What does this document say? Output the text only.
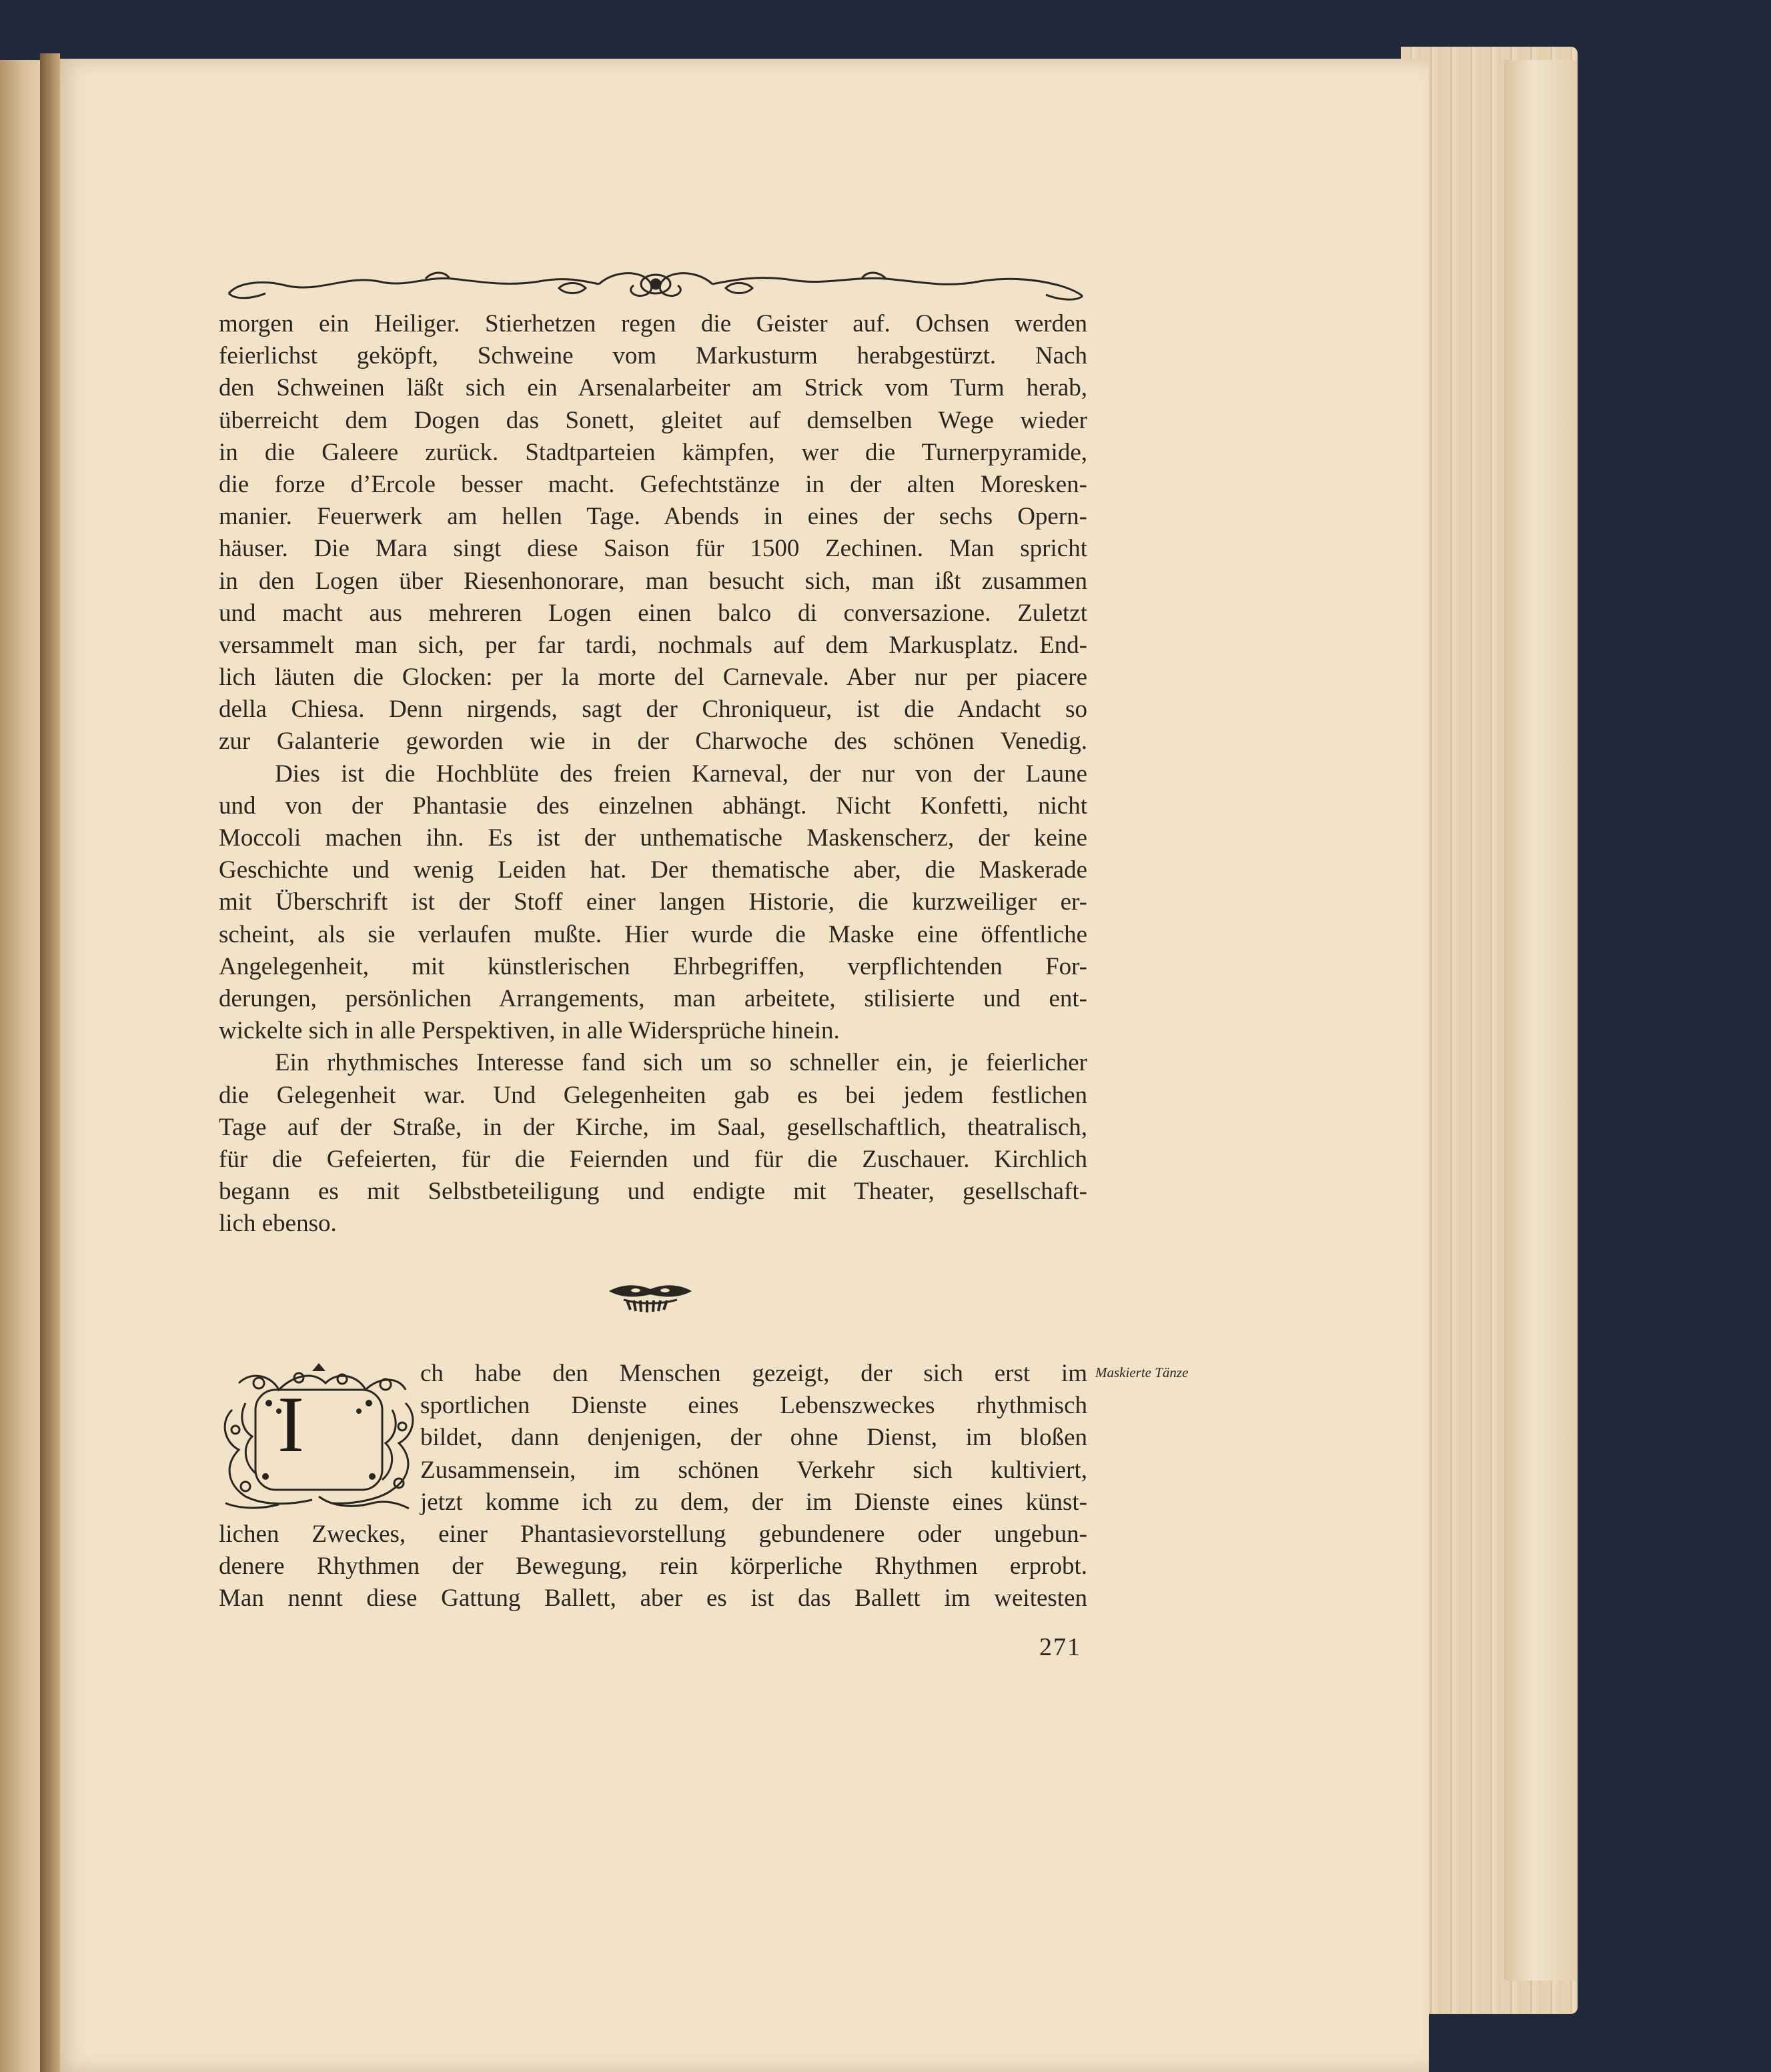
morgen ein Heiliger. Stierhetzen regen die Geister auf. Ochsen werden
feierlichst geköpft, Schweine vom Markusturm herabgestürzt. Nach
den Schweinen läßt sich ein Arsenalarbeiter am Strick vom Turm herab,
überreicht dem Dogen das Sonett, gleitet auf demselben Wege wieder
in die Galeere zurück. Stadtparteien kämpfen, wer die Turnerpyramide,
die forze d’Ercole besser macht. Gefechtstänze in der alten Moresken-
manier. Feuerwerk am hellen Tage. Abends in eines der sechs Opern-
häuser. Die Mara singt diese Saison für 1500 Zechinen. Man spricht
in den Logen über Riesenhonorare, man besucht sich, man ißt zusammen
und macht aus mehreren Logen einen balco di conversazione. Zuletzt
versammelt man sich, per far tardi, nochmals auf dem Markusplatz. End-
lich läuten die Glocken: per la morte del Carnevale. Aber nur per piacere
della Chiesa. Denn nirgends, sagt der Chroniqueur, ist die Andacht so
zur Galanterie geworden wie in der Charwoche des schönen Venedig.
Dies ist die Hochblüte des freien Karneval, der nur von der Laune
und von der Phantasie des einzelnen abhängt. Nicht Konfetti, nicht
Moccoli machen ihn. Es ist der unthematische Maskenscherz, der keine
Geschichte und wenig Leiden hat. Der thematische aber, die Maskerade
mit Überschrift ist der Stoff einer langen Historie, die kurzweiliger er-
scheint, als sie verlaufen mußte. Hier wurde die Maske eine öffentliche
Angelegenheit, mit künstlerischen Ehrbegriffen, verpflichtenden For-
derungen, persönlichen Arrangements, man arbeitete, stilisierte und ent-
wickelte sich in alle Perspektiven, in alle Widersprüche hinein.
Ein rhythmisches Interesse fand sich um so schneller ein, je feierlicher
die Gelegenheit war. Und Gelegenheiten gab es bei jedem festlichen
Tage auf der Straße, in der Kirche, im Saal, gesellschaftlich, theatralisch,
für die Gefeierten, für die Feiernden und für die Zuschauer. Kirchlich
begann es mit Selbstbeteiligung und endigte mit Theater, gesellschaft-
lich ebenso.
I
ch habe den Menschen gezeigt, der sich erst im
sportlichen Dienste eines Lebenszweckes rhythmisch
bildet, dann denjenigen, der ohne Dienst, im bloßen
Zusammensein, im schönen Verkehr sich kultiviert,
jetzt komme ich zu dem, der im Dienste eines künst-
lichen Zweckes, einer Phantasievorstellung gebundenere oder ungebun-
denere Rhythmen der Bewegung, rein körperliche Rhythmen erprobt.
Man nennt diese Gattung Ballett, aber es ist das Ballett im weitesten
Maskierte Tänze
271
